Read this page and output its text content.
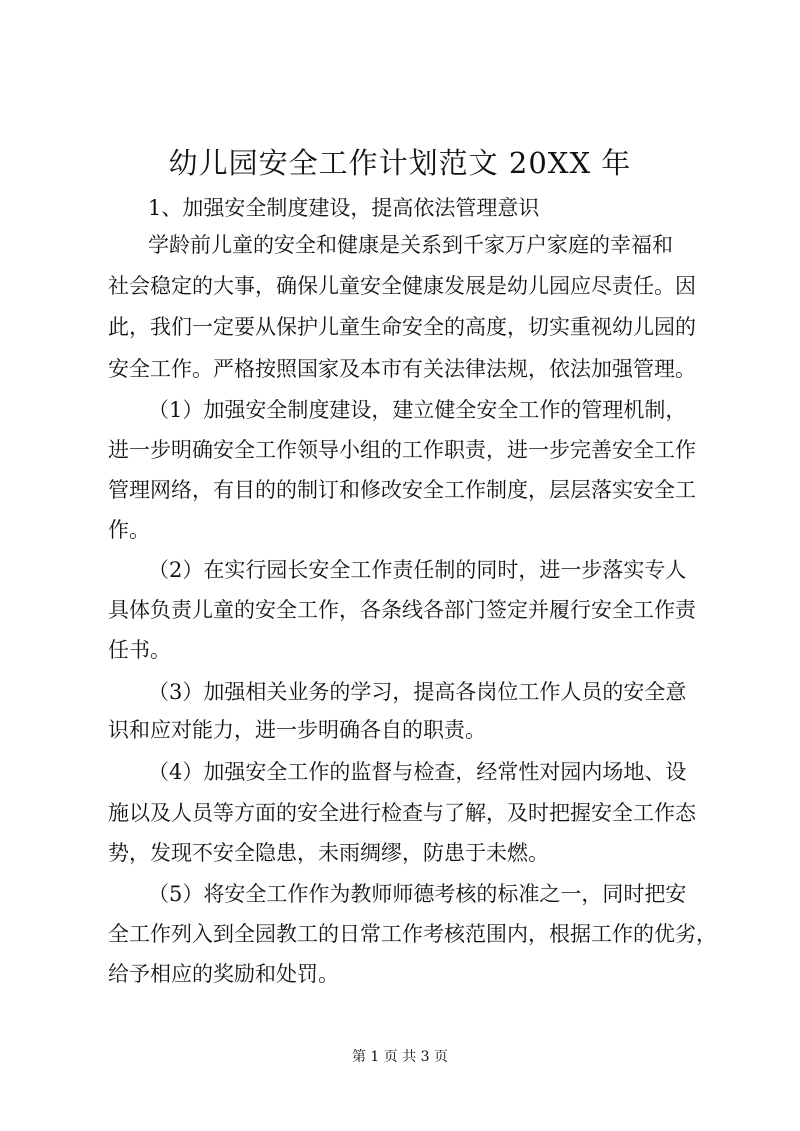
幼儿园安全工作计划范文 20XX 年

1、加强安全制度建设，提高依法管理意识

学龄前儿童的安全和健康是关系到千家万户家庭的幸福和

社会稳定的大事，确保儿童安全健康发展是幼儿园应尽责任。因

此，我们一定要从保护儿童生命安全的高度，切实重视幼儿园的

安全工作。严格按照国家及本市有关法律法规，依法加强管理。

（1）加强安全制度建设，建立健全安全工作的管理机制，

进一步明确安全工作领导小组的工作职责，进一步完善安全工作

管理网络，有目的的制订和修改安全工作制度，层层落实安全工

作。

（2）在实行园长安全工作责任制的同时，进一步落实专人

具体负责儿童的安全工作，各条线各部门签定并履行安全工作责

任书。

（3）加强相关业务的学习，提高各岗位工作人员的安全意

识和应对能力，进一步明确各自的职责。

（4）加强安全工作的监督与检查，经常性对园内场地、设

施以及人员等方面的安全进行检查与了解，及时把握安全工作态

势，发现不安全隐患，未雨绸缪，防患于未燃。

（5）将安全工作作为教师师德考核的标准之一，同时把安

全工作列入到全园教工的日常工作考核范围内，根据工作的优劣，

给予相应的奖励和处罚。

第 1 页 共 3 页
